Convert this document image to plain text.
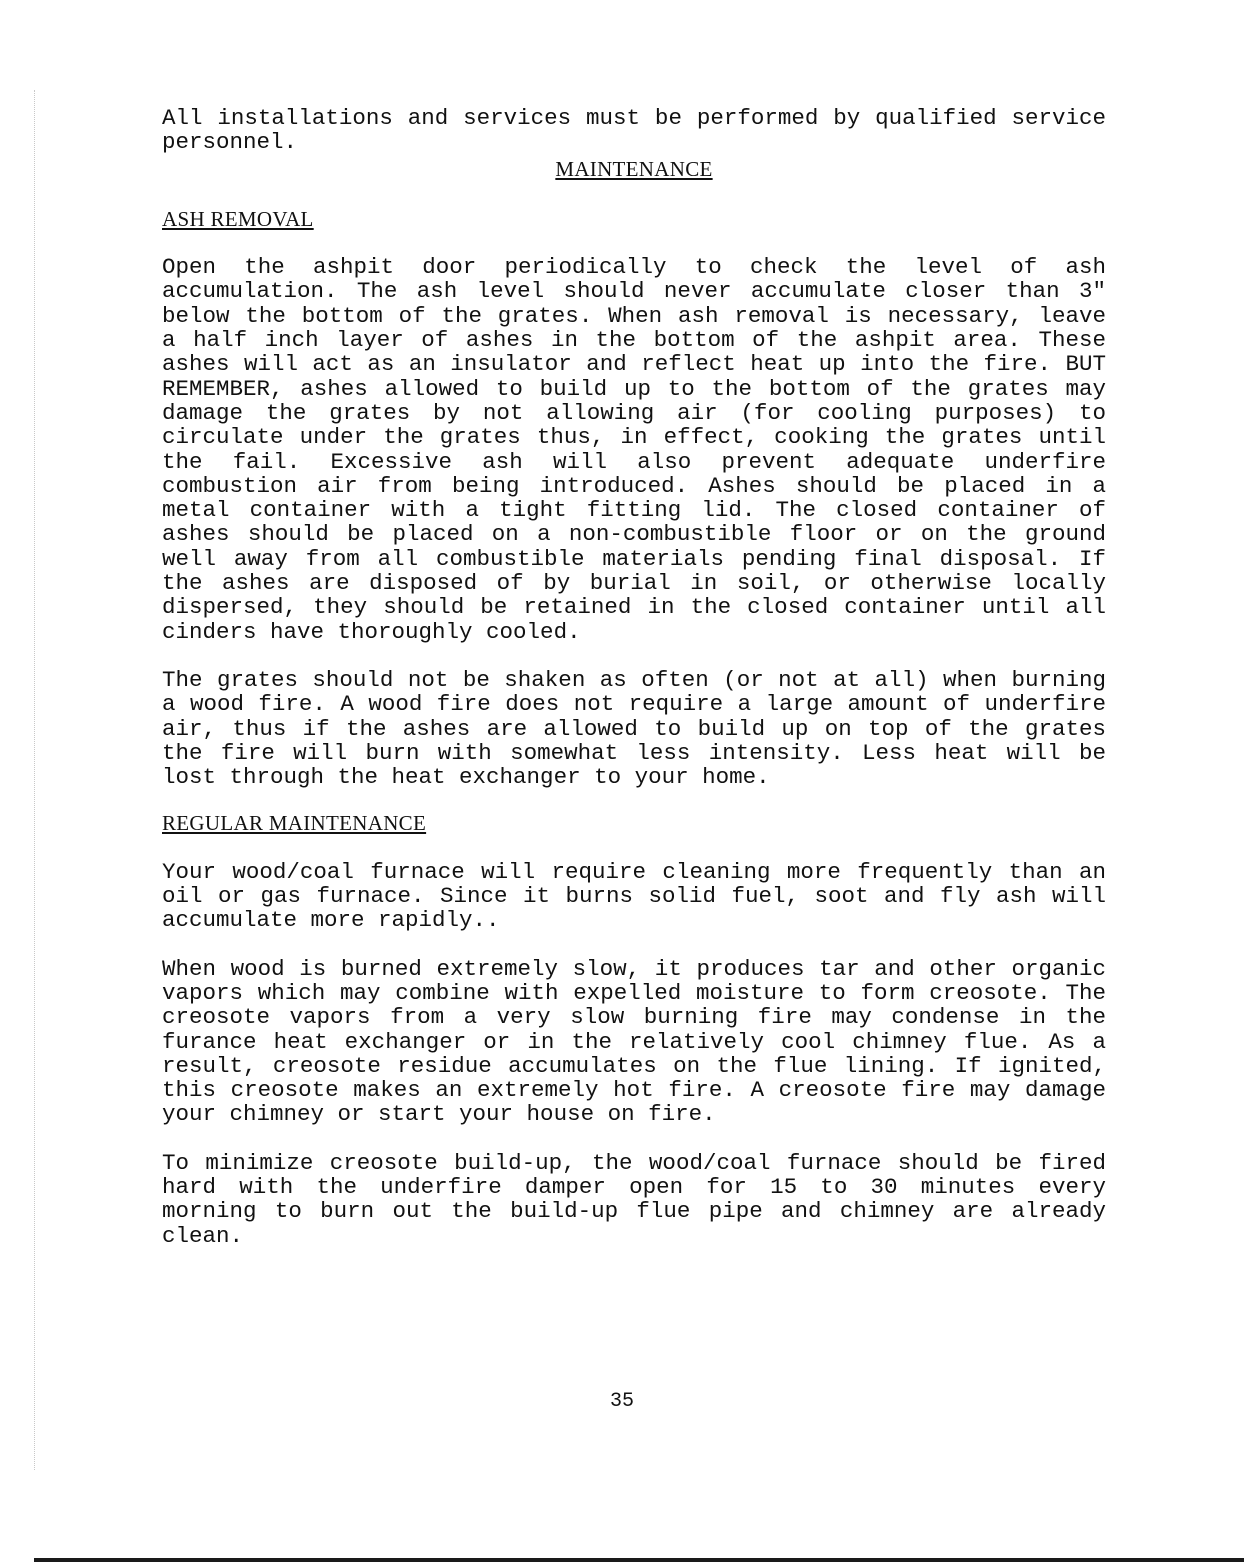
All installations and services must be performed by qualified service personnel.

MAINTENANCE
ASH REMOVAL

Open the ashpit door periodically to check the level of ash accumulation. The ash level should never accumulate closer than 3" below the bottom of the grates. When ash removal is necessary, leave a half inch layer of ashes in the bottom of the ashpit area. These ashes will act as an insulator and reflect heat up into the fire. BUT REMEMBER, ashes allowed to build up to the bottom of the grates may damage the grates by not allowing air (for cooling purposes) to circulate under the grates thus, in effect, cooking the grates until the fail. Excessive ash will also prevent adequate underfire combustion air from being introduced. Ashes should be placed in a metal container with a tight fitting lid. The closed container of ashes should be placed on a non-combustible floor or on the ground well away from all combustible materials pending final disposal. If the ashes are disposed of by burial in soil, or otherwise locally dispersed, they should be retained in the closed container until all cinders have thoroughly cooled.

The grates should not be shaken as often (or not at all) when burning a wood fire. A wood fire does not require a large amount of underfire air, thus if the ashes are allowed to build up on top of the grates the fire will burn with somewhat less intensity. Less heat will be lost through the heat exchanger to your home.

REGULAR MAINTENANCE

Your wood/coal furnace will require cleaning more frequently than an oil or gas furnace. Since it burns solid fuel, soot and fly ash will accumulate more rapidly..

When wood is burned extremely slow, it produces tar and other organic vapors which may combine with expelled moisture to form creosote. The creosote vapors from a very slow burning fire may condense in the furance heat exchanger or in the relatively cool chimney flue. As a result, creosote residue accumulates on the flue lining. If ignited, this creosote makes an extremely hot fire. A creosote fire may damage your chimney or start your house on fire.

To minimize creosote build-up, the wood/coal furnace should be fired hard with the underfire damper open for 15 to 30 minutes every morning to burn out the build-up flue pipe and chimney are already clean.

35
